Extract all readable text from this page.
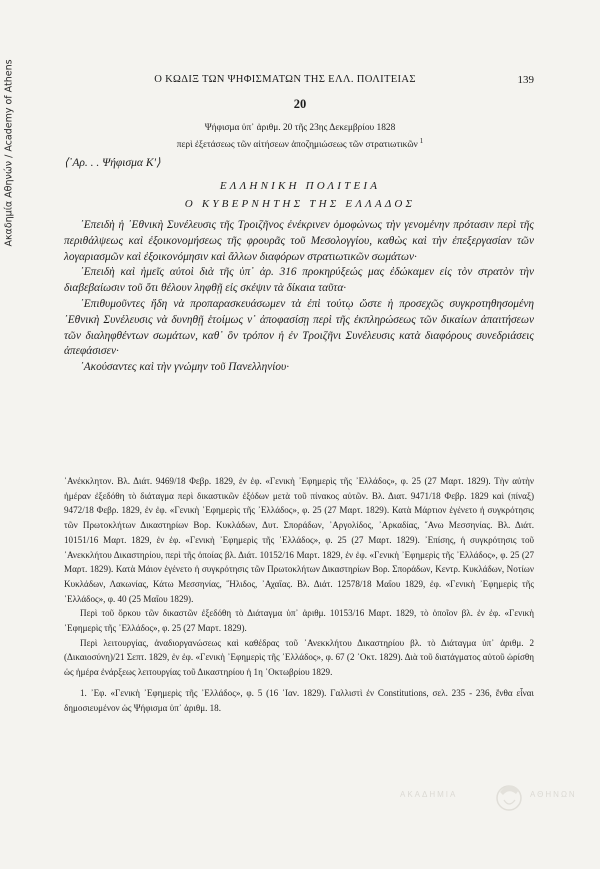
Ακαδημία Αθηνών / Academy of Athens	Ο ΚΩΔΙΞ ΤΩΝ ΨΗΦΙΣΜΑΤΩΝ ΤΗΣ ΕΛΛ. ΠΟΛΙΤΕΙΑΣ	139
20
Ψήφισμα ὑπ᾿ ἀριθμ. 20 τῆς 23ης Δεκεμβρίου 1828
περὶ ἐξετάσεως τῶν αἰτήσεων ἀποζημιώσεως τῶν στρατιωτικῶν $^1$
⟨᾿Αρ. . . Ψήφισμα Κ'⟩
ΕΛΛΗΝΙΚΗ ΠΟΛΙΤΕΙΑ
Ο ΚΥΒΕΡΝΗΤΗΣ ΤΗΣ ΕΛΛΑΔΟΣ

᾿Επειδὴ ἡ ᾿Εθνικὴ Συνέλευσις τῆς Τροιζῆνος ἐνέκρινεν ὁμοφώνως τὴν γενομένην πρότασιν περὶ τῆς περιθάλψεως καὶ ἐξοικονομήσεως τῆς φρουρᾶς τοῦ Μεσολογγίου, καθὼς καὶ τὴν ἐπεξεργασίαν τῶν λογαριασμῶν καὶ ἐξοικονόμησιν καὶ ἄλλων διαφόρων στρατιωτικῶν σωμάτων·

᾿Επειδὴ καὶ ἡμεῖς αὐτοὶ διὰ τῆς ὑπ᾿ ἀρ. 316 προκηρύξεώς μας ἐδώκαμεν εἰς τὸν στρατὸν τὴν διαβεβαίωσιν τοῦ ὅτι θέλουν ληφθῇ εἰς σκέψιν τὰ δίκαια ταῦτα·

᾿Επιθυμοῦντες ἤδη νὰ προπαρασκευάσωμεν τὰ ἐπὶ τούτῳ ὥστε ἡ προσεχῶς συγκροτηθησομένη ᾿Εθνικὴ Συνέλευσις νὰ δυνηθῇ ἑτοίμως ν᾿ ἀποφασίσῃ περὶ τῆς ἐκπληρώσεως τῶν δικαίων ἀπαιτήσεων τῶν διαληφθέντων σωμάτων, καθ᾿ ὃν τρόπον ἡ ἐν Τροιζῆνι Συνέλευσις κατὰ διαφόρους συνεδριάσεις ἀπεφάσισεν·

᾿Ακούσαντες καὶ τὴν γνώμην τοῦ Πανελληνίου·

᾿Ανέκκλητον. Βλ. Διάτ. 9469/18 Φεβρ. 1829, ἐν ἐφ. «Γενικὴ ᾿Εφημερὶς τῆς ᾿Ελλάδος», φ. 25 (27 Μαρτ. 1829). Τὴν αὐτὴν ἡμέραν ἐξεδόθη τὸ διάταγμα περὶ δικαστικῶν ἐξόδων μετὰ τοῦ πίνακος αὐτῶν. Βλ. Διατ. 9471/18 Φεβρ. 1829 καὶ (πίναξ) 9472/18 Φεβρ. 1829, ἐν ἐφ. «Γενικὴ ᾿Εφημερὶς τῆς ᾿Ελλάδος», φ. 25 (27 Μαρτ. 1829). Κατὰ Μάρτιον ἐγένετο ἡ συγκρότησις τῶν Πρωτοκλήτων Δικαστηρίων Βορ. Κυκλάδων, Δυτ. Σποράδων, ᾿Αργολίδος, ᾿Αρκαδίας, ῞Ανω Μεσσηνίας. Βλ. Διάτ. 10151/16 Μαρτ. 1829, ἐν ἐφ. «Γενικὴ ᾿Εφημερὶς τῆς ᾿Ελλάδος», φ. 25 (27 Μαρτ. 1829). ᾿Επίσης, ἡ συγκρότησις τοῦ ᾿Ανεκκλήτου Δικαστηρίου, περὶ τῆς ὁποίας βλ. Διάτ. 10152/16 Μαρτ. 1829, ἐν ἐφ. «Γενικὴ ᾿Εφημερὶς τῆς ᾿Ελλάδος», φ. 25 (27 Μαρτ. 1829). Κατὰ Μάιον ἐγένετο ἡ συγκρότησις τῶν Πρωτοκλήτων Δικαστηρίων Βορ. Σποράδων, Κεντρ. Κυκλάδων, Νοτίων Κυκλάδων, Λακωνίας, Κάτω Μεσσηνίας, ῞Ηλιδος, ᾿Αχαΐας. Βλ. Διάτ. 12578/18 Μαΐου 1829, ἐφ. «Γενικὴ ᾿Εφημερὶς τῆς ᾿Ελλάδος», φ. 40 (25 Μαΐου 1829).

Περὶ τοῦ ὅρκου τῶν δικαστῶν ἐξεδόθη τὸ Διάταγμα ὑπ᾿ ἀριθμ. 10153/16 Μαρτ. 1829, τὸ ὁποῖον βλ. ἐν ἐφ. «Γενικὴ ᾿Εφημερὶς τῆς ᾿Ελλάδος», φ. 25 (27 Μαρτ. 1829).

Περὶ λειτουργίας, ἀναδιοργανώσεως καὶ καθέδρας τοῦ ᾿Ανεκκλήτου Δικαστηρίου βλ. τὸ Διάταγμα ὑπ᾿ ἀριθμ. 2 (Δικαιοσύνη)/21 Σεπτ. 1829, ἐν ἐφ. «Γενικὴ ᾿Εφημερὶς τῆς ᾿Ελλάδος», φ. 67 (2 ᾿Οκτ. 1829). Διὰ τοῦ διατάγματος αὐτοῦ ὡρίσθη ὡς ἡμέρα ἐνάρξεως λειτουργίας τοῦ Δικαστηρίου ἡ 1η ᾿Οκτωβρίου 1829.

1. ᾿Εφ. «Γενικὴ ᾿Εφημερὶς τῆς ᾿Ελλάδος», φ. 5 (16 ᾿Ιαν. 1829). Γαλλιστὶ ἐν Constitutions, σελ. 235 - 236, ἔνθα εἶναι δημοσιευμένον ὡς Ψήφισμα ὑπ᾿ ἀριθμ. 18.

ΑΚΑΔΗΜΙΑ	ΑΘΗΝΩΝ
